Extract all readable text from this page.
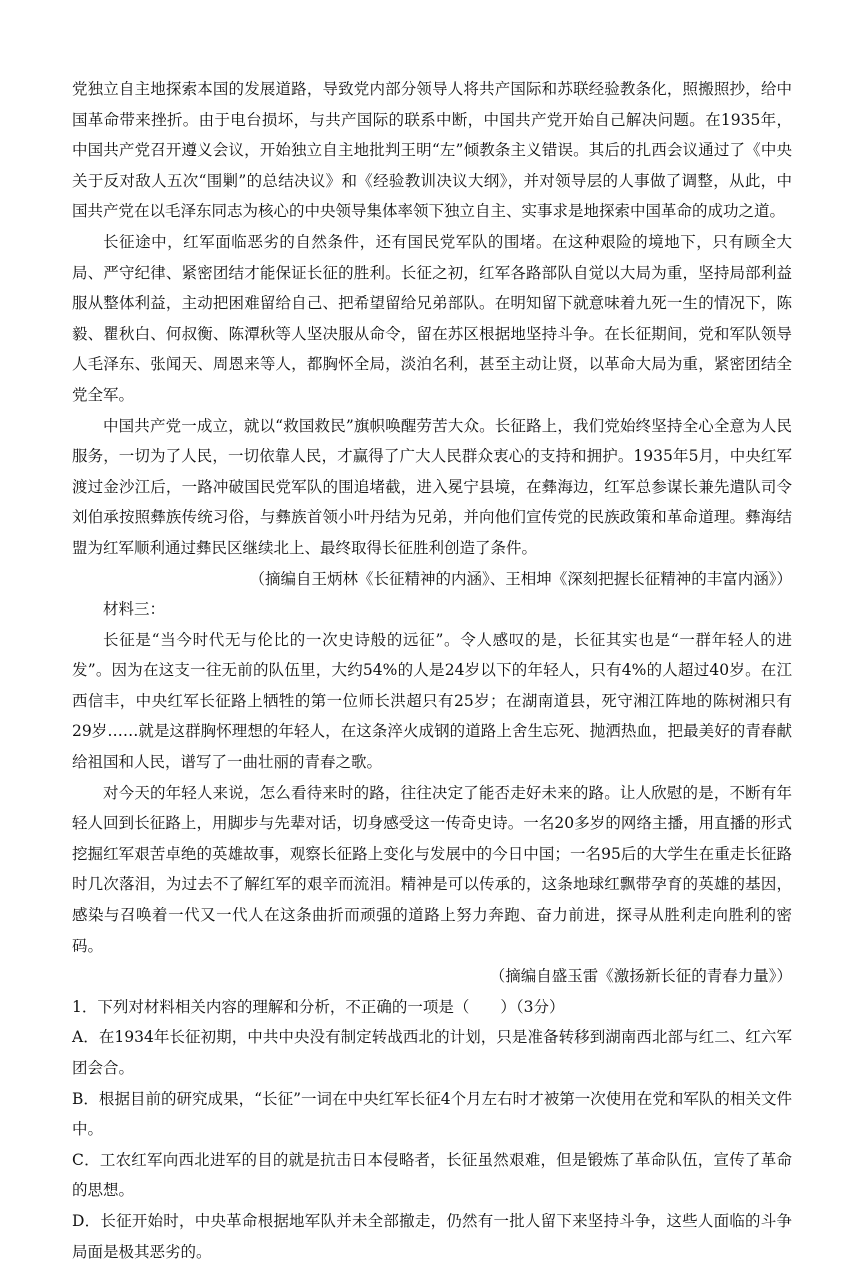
党独立自主地探索本国的发展道路，导致党内部分领导人将共产国际和苏联经验教条化，照搬照抄，给中国革命带来挫折。由于电台损坏，与共产国际的联系中断，中国共产党开始自己解决问题。在1935年，中国共产党召开遵义会议，开始独立自主地批判王明“左”倾教条主义错误。其后的扎西会议通过了《中央关于反对敌人五次“围剿”的总结决议》和《经验教训决议大纲》，并对领导层的人事做了调整，从此，中国共产党在以毛泽东同志为核心的中央领导集体率领下独立自主、实事求是地探索中国革命的成功之道。

长征途中，红军面临恶劣的自然条件，还有国民党军队的围堵。在这种艰险的境地下，只有顾全大局、严守纪律、紧密团结才能保证长征的胜利。长征之初，红军各路部队自觉以大局为重，坚持局部利益服从整体利益，主动把困难留给自己、把希望留给兄弟部队。在明知留下就意味着九死一生的情况下，陈毅、瞿秋白、何叔衡、陈潭秋等人坚决服从命令，留在苏区根据地坚持斗争。在长征期间，党和军队领导人毛泽东、张闻天、周恩来等人，都胸怀全局，淡泊名利，甚至主动让贤，以革命大局为重，紧密团结全党全军。

中国共产党一成立，就以“救国救民”旗帜唤醒劳苦大众。长征路上，我们党始终坚持全心全意为人民服务，一切为了人民，一切依靠人民，才赢得了广大人民群众衷心的支持和拥护。1935年5月，中央红军渡过金沙江后，一路冲破国民党军队的围追堵截，进入冕宁县境，在彝海边，红军总参谋长兼先遣队司令刘伯承按照彝族传统习俗，与彝族首领小叶丹结为兄弟，并向他们宣传党的民族政策和革命道理。彝海结盟为红军顺利通过彝民区继续北上、最终取得长征胜利创造了条件。

（摘编自王炳林《长征精神的内涵》、王相坤《深刻把握长征精神的丰富内涵》）

材料三：

长征是“当今时代无与伦比的一次史诗般的远征”。令人感叹的是，长征其实也是“一群年轻人的进发”。因为在这支一往无前的队伍里，大约54%的人是24岁以下的年轻人，只有4%的人超过40岁。在江西信丰，中央红军长征路上牺牲的第一位师长洪超只有25岁；在湖南道县，死守湘江阵地的陈树湘只有29岁……就是这群胸怀理想的年轻人，在这条淬火成钢的道路上舍生忘死、抛洒热血，把最美好的青春献给祖国和人民，谱写了一曲壮丽的青春之歌。

对今天的年轻人来说，怎么看待来时的路，往往决定了能否走好未来的路。让人欣慰的是，不断有年轻人回到长征路上，用脚步与先辈对话，切身感受这一传奇史诗。一名20多岁的网络主播，用直播的形式挖掘红军艰苦卓绝的英雄故事，观察长征路上变化与发展中的今日中国；一名95后的大学生在重走长征路时几次落泪，为过去不了解红军的艰辛而流泪。精神是可以传承的，这条地球红飘带孕育的英雄的基因，感染与召唤着一代又一代人在这条曲折而顽强的道路上努力奔跑、奋力前进，探寻从胜利走向胜利的密码。

（摘编自盛玉雷《激扬新长征的青春力量》）

1．下列对材料相关内容的理解和分析，不正确的一项是（　　）（3分）

A．在1934年长征初期，中共中央没有制定转战西北的计划，只是准备转移到湖南西北部与红二、红六军团会合。

B．根据目前的研究成果，“长征”一词在中央红军长征4个月左右时才被第一次使用在党和军队的相关文件中。

C．工农红军向西北进军的目的就是抗击日本侵略者，长征虽然艰难，但是锻炼了革命队伍，宣传了革命的思想。

D．长征开始时，中央革命根据地军队并未全部撤走，仍然有一批人留下来坚持斗争，这些人面临的斗争局面是极其恶劣的。
